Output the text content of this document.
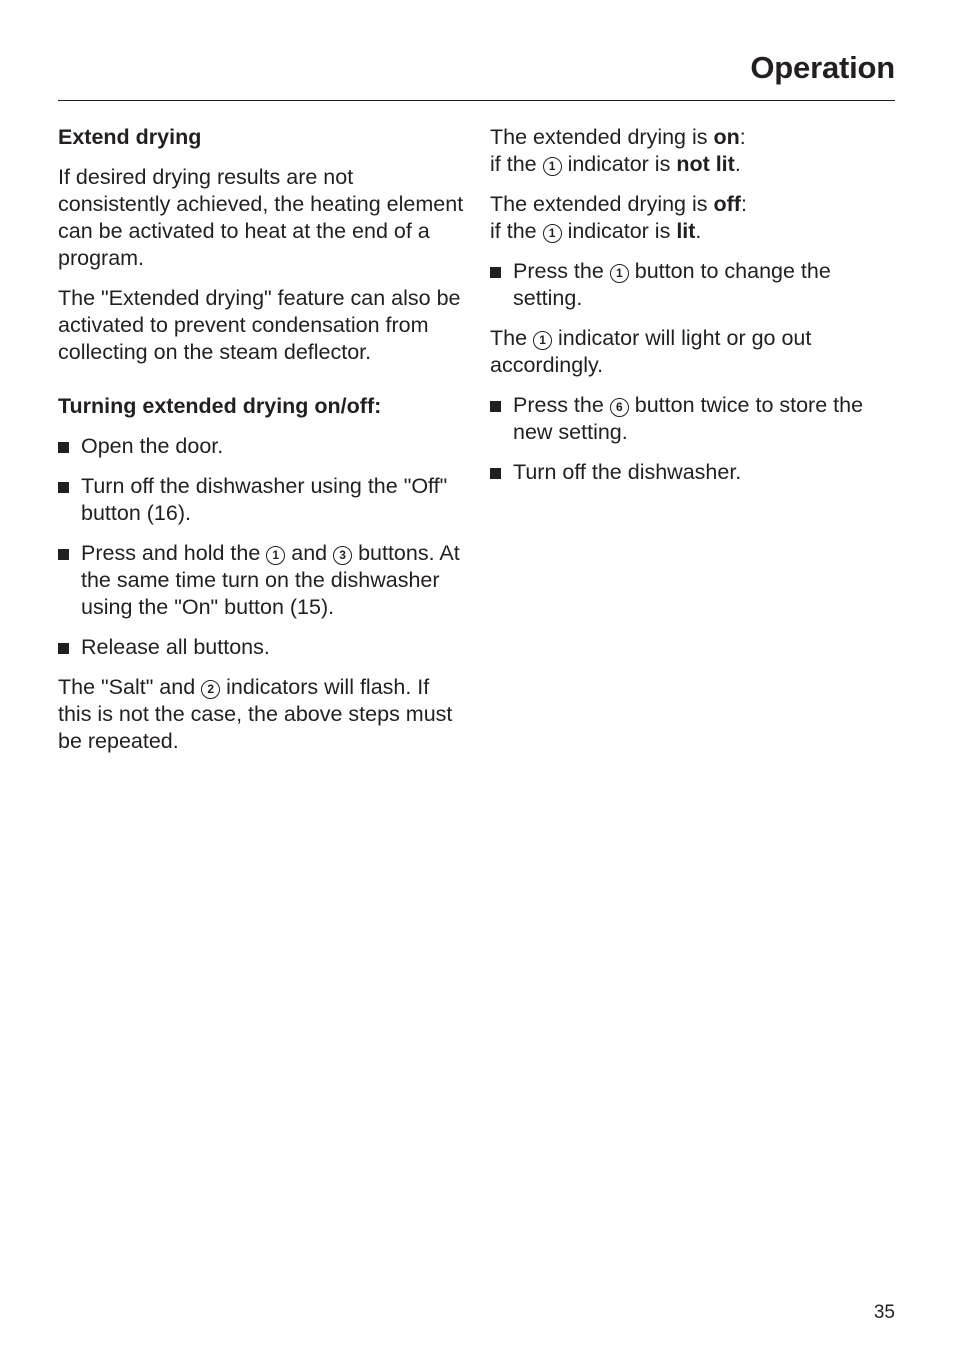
Operation

Extend drying

If desired drying results are not consistently achieved, the heating element can be activated to heat at the end of a program.

The "Extended drying" feature can also be activated to prevent condensation from collecting on the steam deflector.

Turning extended drying on/off:

Open the door.
Turn off the dishwasher using the "Off" button (16).
Press and hold the 1 and 3 buttons. At the same time turn on the dishwasher using the "On" button (15).
Release all buttons.

The "Salt" and 2 indicators will flash. If this is not the case, the above steps must be repeated.

The extended drying is on:
if the 1 indicator is not lit.

The extended drying is off:
if the 1 indicator is lit.

Press the 1 button to change the setting.

The 1 indicator will light or go out accordingly.

Press the 6 button twice to store the new setting.
Turn off the dishwasher.
35
